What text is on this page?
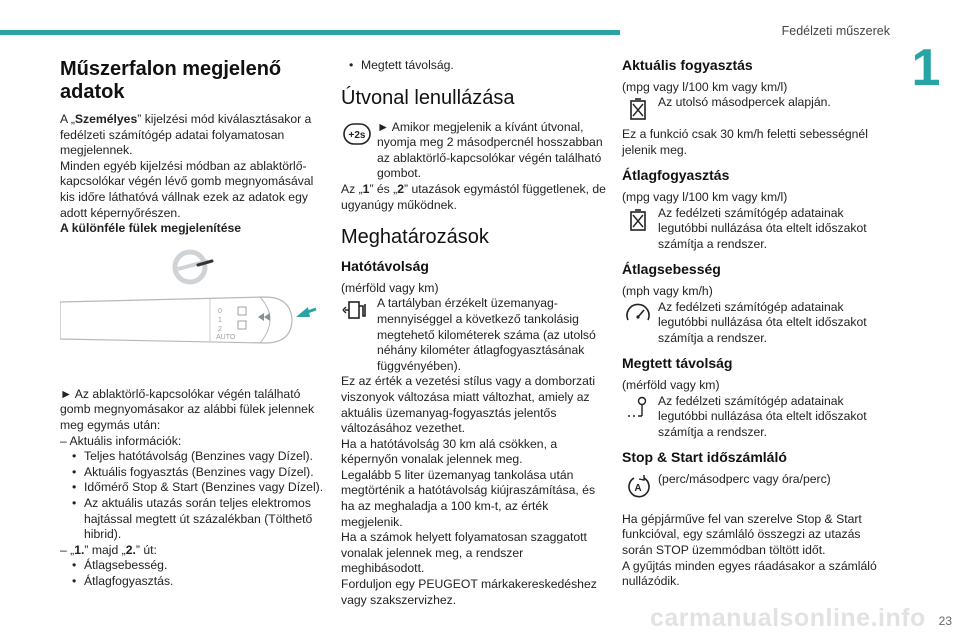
Fedélzeti műszerek
1
Műszerfalon megjelenő adatok

A „Személyes” kijelzési mód kiválasztásakor a fedélzeti számítógép adatai folyamatosan megjelennek.

Minden egyéb kijelzési módban az ablaktörlő-kapcsolókar végén lévő gomb megnyomásával kis időre láthatóvá vállnak ezek az adatok egy adott képernyőrészen.

A különféle fülek megjelenítése

0
1
2
AUTO

► Az ablaktörlő-kapcsolókar végén található gomb megnyomásakor az alábbi fülek jelennek meg egymás után:

– Aktuális információk:

• Teljes hatótávolság (Benzines vagy Dízel).
• Aktuális fogyasztás (Benzines vagy Dízel).
• Időmérő Stop & Start (Benzines vagy Dízel).
• Az aktuális utazás során teljes elektromos hajtással megtett út százalékban (Tölthető hibrid).

– „1.” majd „2.” út:

• Átlagsebesség.
• Átlagfogyasztás.
• Megtett távolság.
Útvonal lenullázása
+2s

► Amikor megjelenik a kívánt útvonal, nyomja meg 2 másodpercnél hosszabban az ablaktörlő-kapcsolókar végén található gombot.

Az „1” és „2” utazások egymástól függetlenek, de ugyanúgy működnek.

Meghatározások
Hatótávolság

(mérföld vagy km)

A tartályban érzékelt üzemanyag-mennyiséggel a következő tankolásig megtehető kilométerek száma (az utolsó néhány kilométer átlagfogyasztásának függvényében).

Ez az érték a vezetési stílus vagy a domborzati viszonyok változása miatt változhat, amiely az aktuális üzemanyag-fogyasztás jelentős változásához vezethet.

Ha a hatótávolság 30 km alá csökken, a képernyőn vonalak jelennek meg.

Legalább 5 liter üzemanyag tankolása után megtörténik a hatótávolság kiújraszámítása, és ha az meghaladja a 100 km-t, az érték megjelenik.

Ha a számok helyett folyamatosan szaggatott vonalak jelennek meg, a rendszer meghibásodott.

Forduljon egy PEUGEOT márkakereskedéshez vagy szakszervizhez.

Aktuális fogyasztás

(mpg vagy l/100 km vagy km/l)

Az utolsó másodpercek alapján.

Ez a funkció csak 30 km/h feletti sebességnél jelenik meg.

Átlagfogyasztás

(mpg vagy l/100 km vagy km/l)

Az fedélzeti számítógép adatainak legutóbbi nullázása óta eltelt időszakot számítja a rendszer.

Átlagsebesség

(mph vagy km/h)

Az fedélzeti számítógép adatainak legutóbbi nullázása óta eltelt időszakot számítja a rendszer.

Megtett távolság

(mérföld vagy km)

Az fedélzeti számítógép adatainak legutóbbi nullázása óta eltelt időszakot számítja a rendszer.

Stop & Start időszámláló
A

(perc/másodperc vagy óra/perc)

Ha gépjárműve fel van szerelve Stop & Start funkcióval, egy számláló összegzi az utazás során STOP üzemmódban töltött időt.

A gyűjtás minden egyes ráadásakor a számláló nullázódik.

carmanualsonline.info 23
